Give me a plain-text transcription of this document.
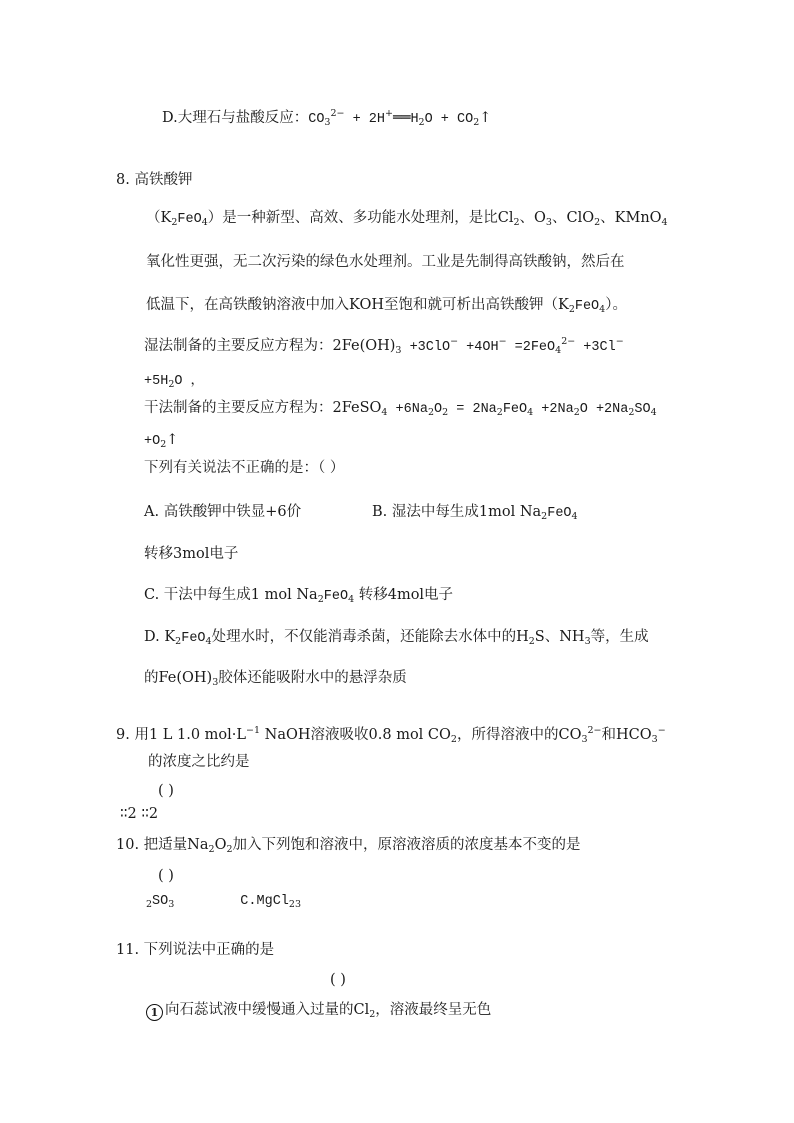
D.大理石与盐酸反应：$CO_3^{2-}$ + $2H^+══H_2O$ + $CO_2↑$
8. 高铁酸钾
$(K_2FeO_4)$是一种新型、高效、多功能水处理剂，是比$Cl_2$、$O_3$、ClO$_2$、KMnO$_4$
氧化性更强，无二次污染的绿色水处理剂。工业是先制得高铁酸钠，然后在
低温下，在高铁酸钠溶液中加入KOH至饱和就可析出高铁酸钾$(K_2FeO_4)$。
湿法制备的主要反应方程为：$2Fe(OH)_3 +3ClO^- +4OH^- =2FeO_4^{2-} +3Cl^-$
$+5H_2O$ ，
干法制备的主要反应方程为：2FeSO$_4$ $+6Na_2O_2 = 2Na_2FeO_4 +2Na_2O +2Na_2SO_4$
$+O_2↑$
下列有关说法不正确的是：（ ）
A. 高铁酸钾中铁显+6价	B. 湿法中每生成1mol $Na_2FeO_4$
转移3mol电子
C. 干法中每生成1 mol $Na_2FeO_4$ 转移4mol电子
D. $K_2FeO_4$处理水时，不仅能消毒杀菌，还能除去水体中的$H_2S$、$NH_3$等，生成
的$Fe(OH)_3$胶体还能吸附水中的悬浮杂质
9. 用1 L 1.0 $mol\cdot L^{-1}$ NaOH溶液吸收0.8 mol $CO_2$，所得溶液中的$CO_3^{2-}$和$HCO_3^-$
的浓度之比约是
( )
∶∶2 ∶∶2
10. 把适量$Na_2O_2$加入下列饱和溶液中，原溶液溶质的浓度基本不变的是
( )
$_2SO_3$	C.MgCl$_{23}$
11. 下列说法中正确的是
( )
1 向石蕊试液中缓慢通入过量的$Cl_2$，溶液最终呈无色
